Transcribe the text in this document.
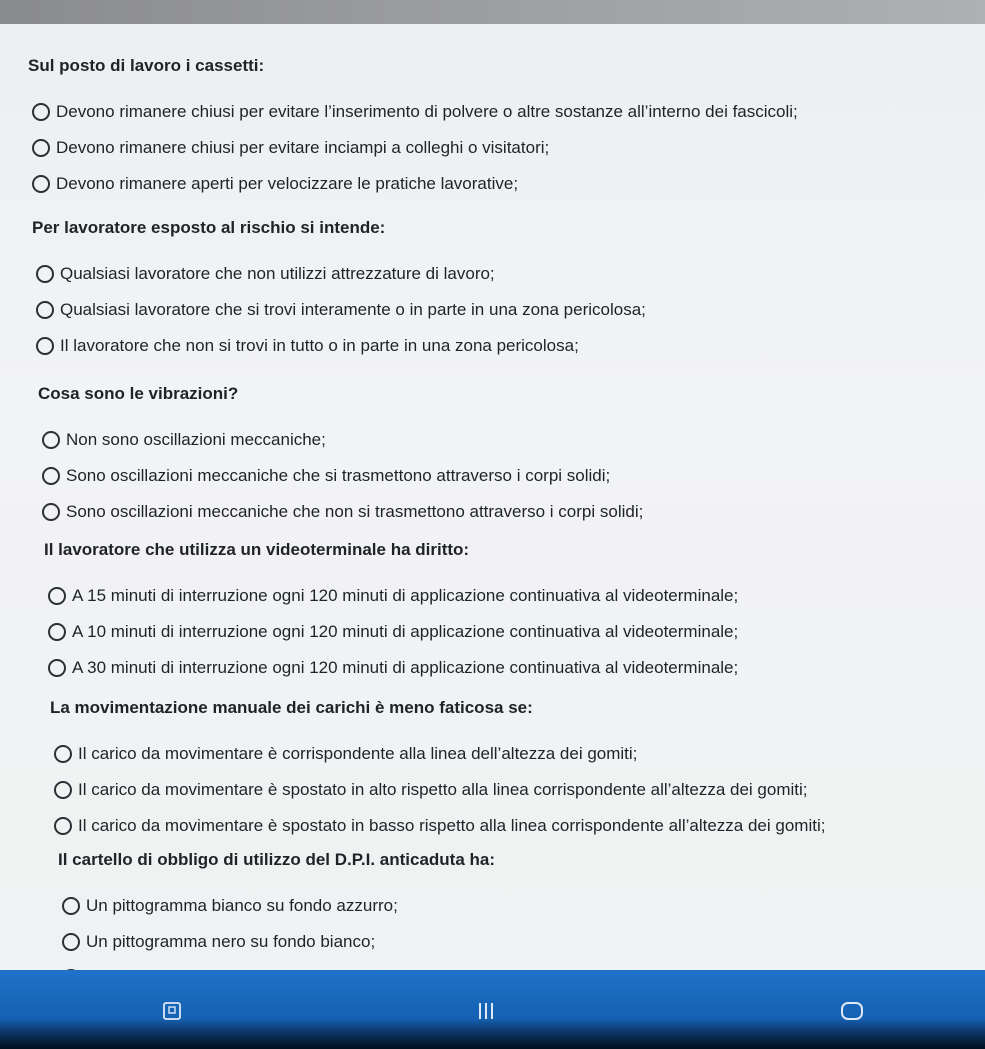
Sul posto di lavoro i cassetti:
Devono rimanere chiusi per evitare l’inserimento di polvere o altre sostanze all’interno dei fascicoli;
Devono rimanere chiusi per evitare inciampi a colleghi o visitatori;
Devono rimanere aperti per velocizzare le pratiche lavorative;
Per lavoratore esposto al rischio si intende:
Qualsiasi lavoratore che non utilizzi attrezzature di lavoro;
Qualsiasi lavoratore che si trovi interamente o in parte in una zona pericolosa;
Il lavoratore che non si trovi in tutto o in parte in una zona pericolosa;
Cosa sono le vibrazioni?
Non sono oscillazioni meccaniche;
Sono oscillazioni meccaniche che si trasmettono attraverso i corpi solidi;
Sono oscillazioni meccaniche che non si trasmettono attraverso i corpi solidi;
Il lavoratore che utilizza un videoterminale ha diritto:
A 15 minuti di interruzione ogni 120 minuti di applicazione continuativa al videoterminale;
A 10 minuti di interruzione ogni 120 minuti di applicazione continuativa al videoterminale;
A 30 minuti di interruzione ogni 120 minuti di applicazione continuativa al videoterminale;
La movimentazione manuale dei carichi è meno faticosa se:
Il carico da movimentare è corrispondente alla linea dell’altezza dei gomiti;
Il carico da movimentare è spostato in alto rispetto alla linea corrispondente all’altezza dei gomiti;
Il carico da movimentare è spostato in basso rispetto alla linea corrispondente all’altezza dei gomiti;
Il cartello di obbligo di utilizzo del D.P.I. anticaduta ha:
Un pittogramma bianco su fondo azzurro;
Un pittogramma nero su fondo bianco;
